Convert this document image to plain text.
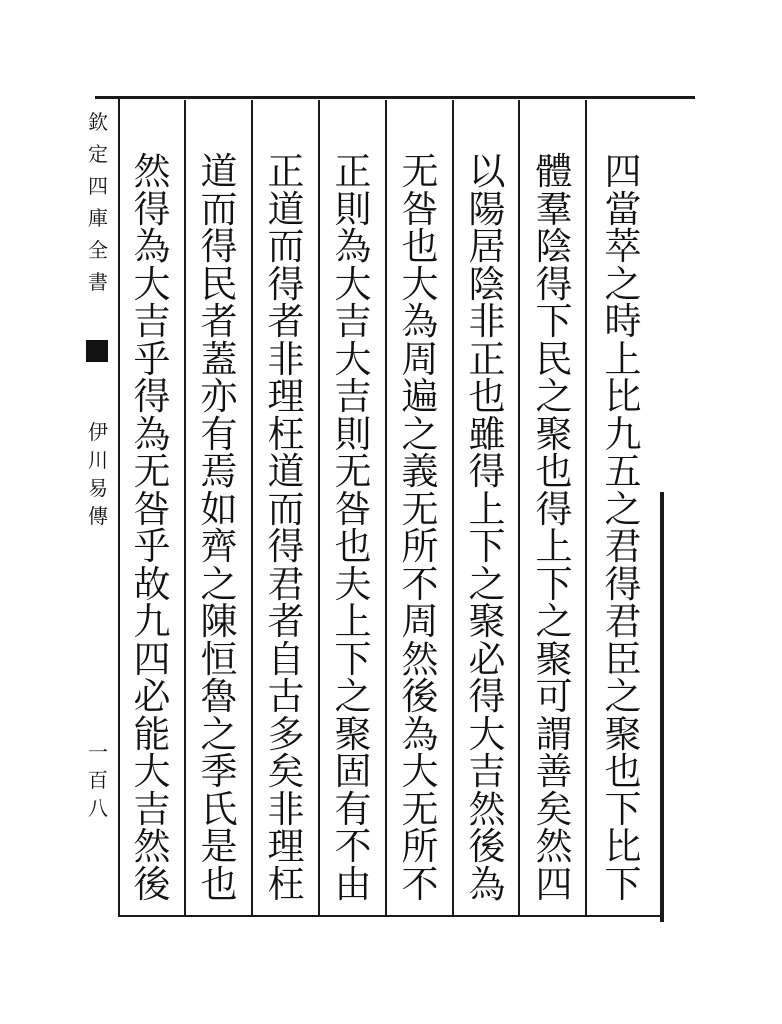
四
當
萃
之
時
上
比
九
五
之
君
得
君
臣
之
聚
也
下
比
下
體
羣
陰
得
下
民
之
聚
也
得
上
下
之
聚
可
謂
善
矣
然
四
以
陽
居
陰
非
正
也
雖
得
上
下
之
聚
必
得
大
吉
然
後
為
无
咎
也
大
為
周
遍
之
義
无
所
不
周
然
後
為
大
无
所
不
正
則
為
大
吉
大
吉
則
无
咎
也
夫
上
下
之
聚
固
有
不
由
正
道
而
得
者
非
理
枉
道
而
得
君
者
自
古
多
矣
非
理
枉
道
而
得
民
者
蓋
亦
有
焉
如
齊
之
陳
恒
魯
之
季
氏
是
也
然
得
為
大
吉
乎
得
為
无
咎
乎
故
九
四
必
能
大
吉
然
後
欽
定
四
庫
全
書
伊
川
易
傳
一
百
八
